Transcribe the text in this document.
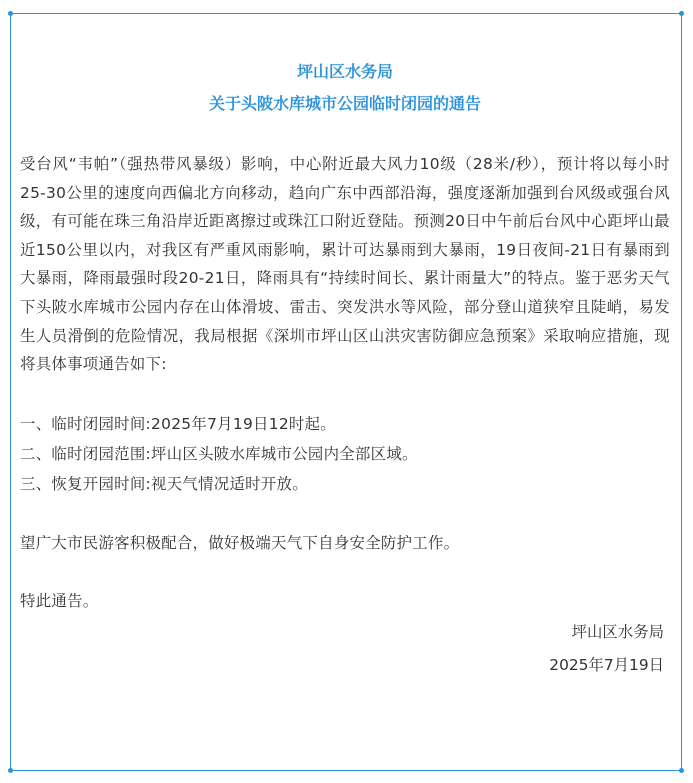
坪山区水务局
关于头陂水库城市公园临时闭园的通告

受台风“韦帕”（强热带风暴级）影响，中心附近最大风力10级（28米/秒），预计将以每小时25-30公里的速度向西偏北方向移动，趋向广东中西部沿海，强度逐渐加强到台风级或强台风级，有可能在珠三角沿岸近距离擦过或珠江口附近登陆。预测20日中午前后台风中心距坪山最近150公里以内，对我区有严重风雨影响，累计可达暴雨到大暴雨，19日夜间-21日有暴雨到大暴雨，降雨最强时段20-21日，降雨具有“持续时间长、累计雨量大”的特点。鉴于恶劣天气下头陂水库城市公园内存在山体滑坡、雷击、突发洪水等风险，部分登山道狭窄且陡峭，易发生人员滑倒的危险情况，我局根据《深圳市坪山区山洪灾害防御应急预案》采取响应措施，现将具体事项通告如下:

一、临时闭园时间:2025年7月19日12时起。

二、临时闭园范围:坪山区头陂水库城市公园内全部区域。

三、恢复开园时间:视天气情况适时开放。

望广大市民游客积极配合，做好极端天气下自身安全防护工作。

特此通告。

坪山区水务局
2025年7月19日
